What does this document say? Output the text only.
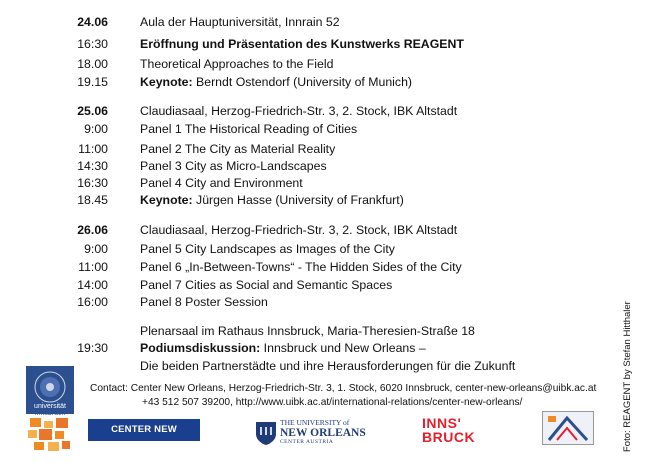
24.06	Aula der Hauptuniversität, Innrain 52
16:30	Eröffnung und Präsentation des Kunstwerks REAGENT
18.00	Theoretical Approaches to the Field
19.15	Keynote: Berndt Ostendorf (University of Munich)
25.06	Claudiasaal, Herzog-Friedrich-Str. 3, 2. Stock, IBK Altstadt
9:00	Panel 1 The Historical Reading of Cities
11:00	Panel 2 The City as Material Reality
14:30	Panel 3 City as Micro-Landscapes
16:30	Panel 4 City and Environment
18.45	Keynote: Jürgen Hasse (University of Frankfurt)
26.06	Claudiasaal, Herzog-Friedrich-Str. 3, 2. Stock, IBK Altstadt
9:00	Panel 5 City Landscapes as Images of the City
11:00	Panel 6 „In-Between-Towns“ - The Hidden Sides of the City
14:00	Panel 7 Cities as Social and Semantic Spaces
16:00	Panel 8 Poster Session
Plenarsaal im Rathaus Innsbruck, Maria-Theresien-Straße 18
19:30	Podiumsdiskussion: Innsbruck und New Orleans –
Die beiden Partnerstädte und ihre Herausforderungen für die Zukunft
Contact: Center New Orleans, Herzog-Friedrich-Str. 3, 1. Stock, 6020 Innsbruck, center-new-orleans@uibk.ac.at
+43 512 507 39200, http://www.uibk.ac.at/international-relations/center-new-orleans/
universität
innsbruck
CENTER NEW ORLEANS
THE UNIVERSITY of
NEW ORLEANS
CENTER AUSTRIA
INNS'
BRUCK	Foto: REAGENT by Stefan Hitthaler
